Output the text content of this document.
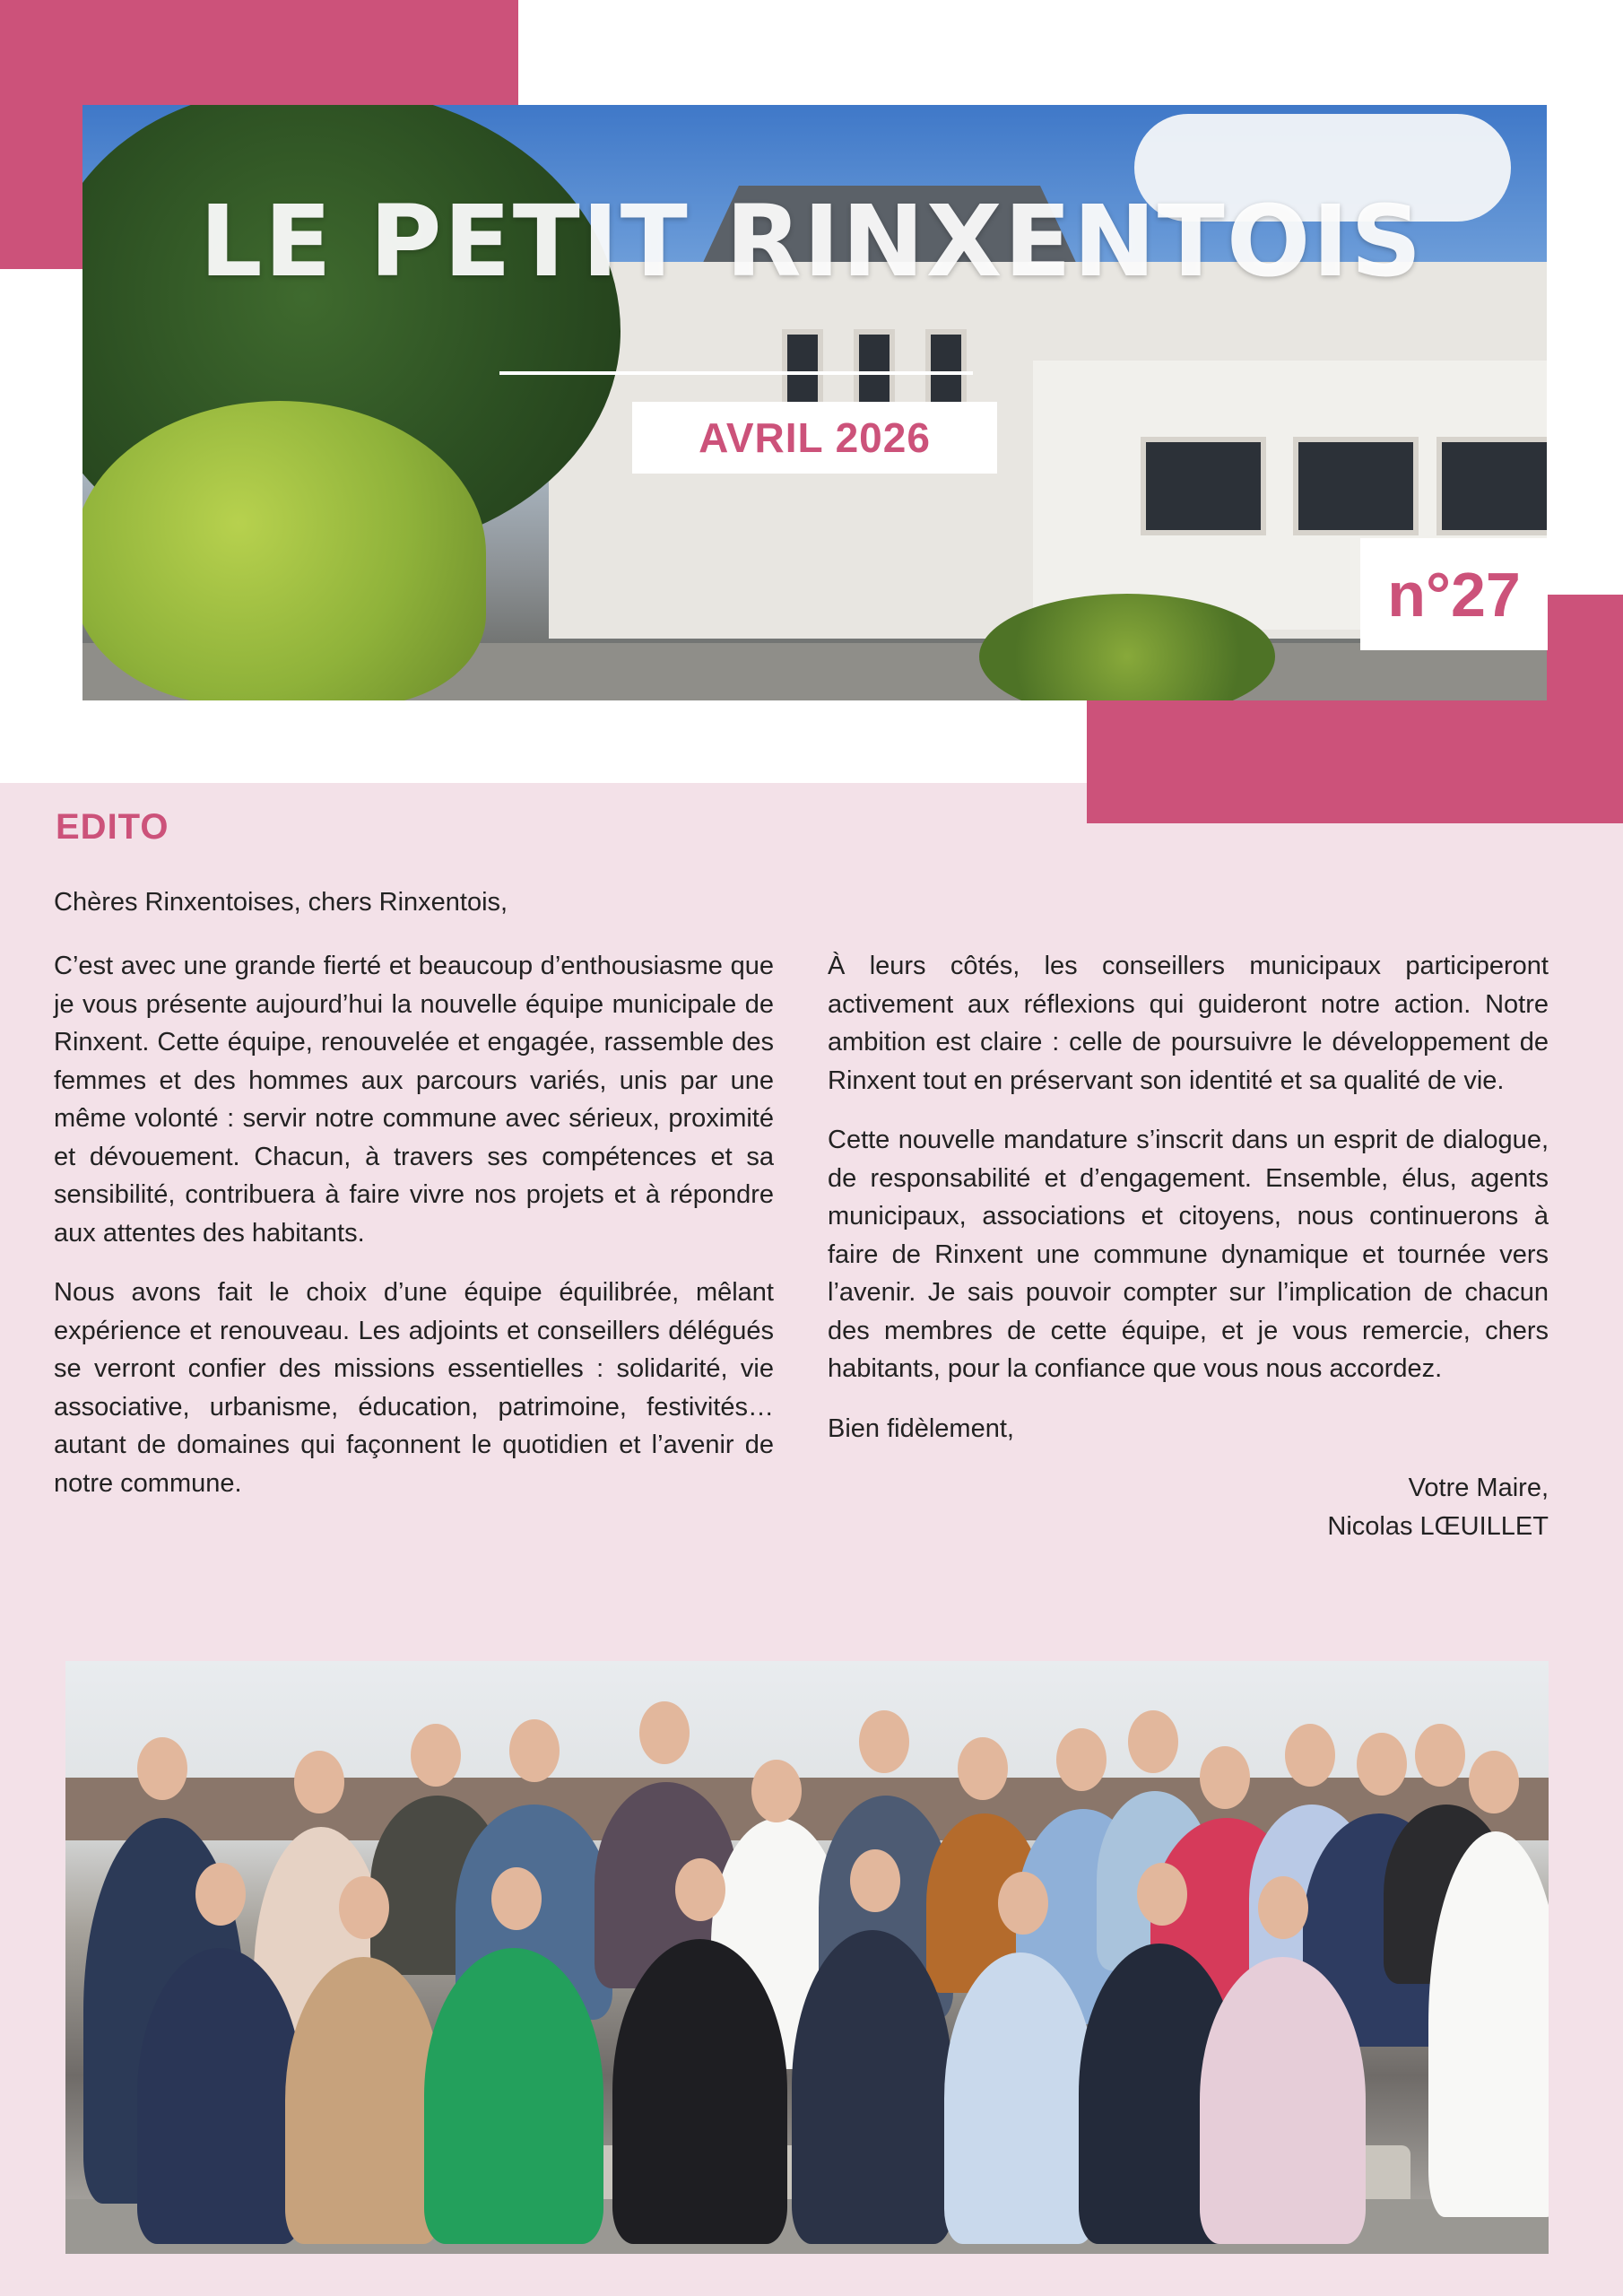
LE PETIT RINXENTOIS
AVRIL 2026
n°27
EDITO
Chères Rinxentoises, chers Rinxentois,

C’est avec une grande fierté et beaucoup d’enthousiasme que je vous présente aujourd’hui la nouvelle équipe municipale de Rinxent. Cette équipe, renouvelée et engagée, rassemble des femmes et des hommes aux parcours variés, unis par une même volonté : servir notre commune avec sérieux, proximité et dévouement. Chacun, à travers ses compétences et sa sensibilité, contribuera à faire vivre nos projets et à répondre aux attentes des habitants.

Nous avons fait le choix d’une équipe équilibrée, mêlant expérience et renouveau. Les adjoints et conseillers délégués se verront confier des missions essentielles : solidarité, vie associative, urbanisme, éducation, patrimoine, festivités… autant de domaines qui façonnent le quotidien et l’avenir de notre commune.

À leurs côtés, les conseillers municipaux participeront activement aux réflexions qui guideront notre action. Notre ambition est claire : celle de poursuivre le développement de Rinxent tout en préservant son identité et sa qualité de vie.

Cette nouvelle mandature s’inscrit dans un esprit de dialogue, de responsabilité et d’engagement. Ensemble, élus, agents municipaux, associations et citoyens, nous continuerons à faire de Rinxent une commune dynamique et tournée vers l’avenir. Je sais pouvoir compter sur l’implication de chacun des membres de cette équipe, et je vous remercie, chers habitants, pour la confiance que vous nous accordez.

Bien fidèlement,

Votre Maire,

Nicolas LŒUILLET
